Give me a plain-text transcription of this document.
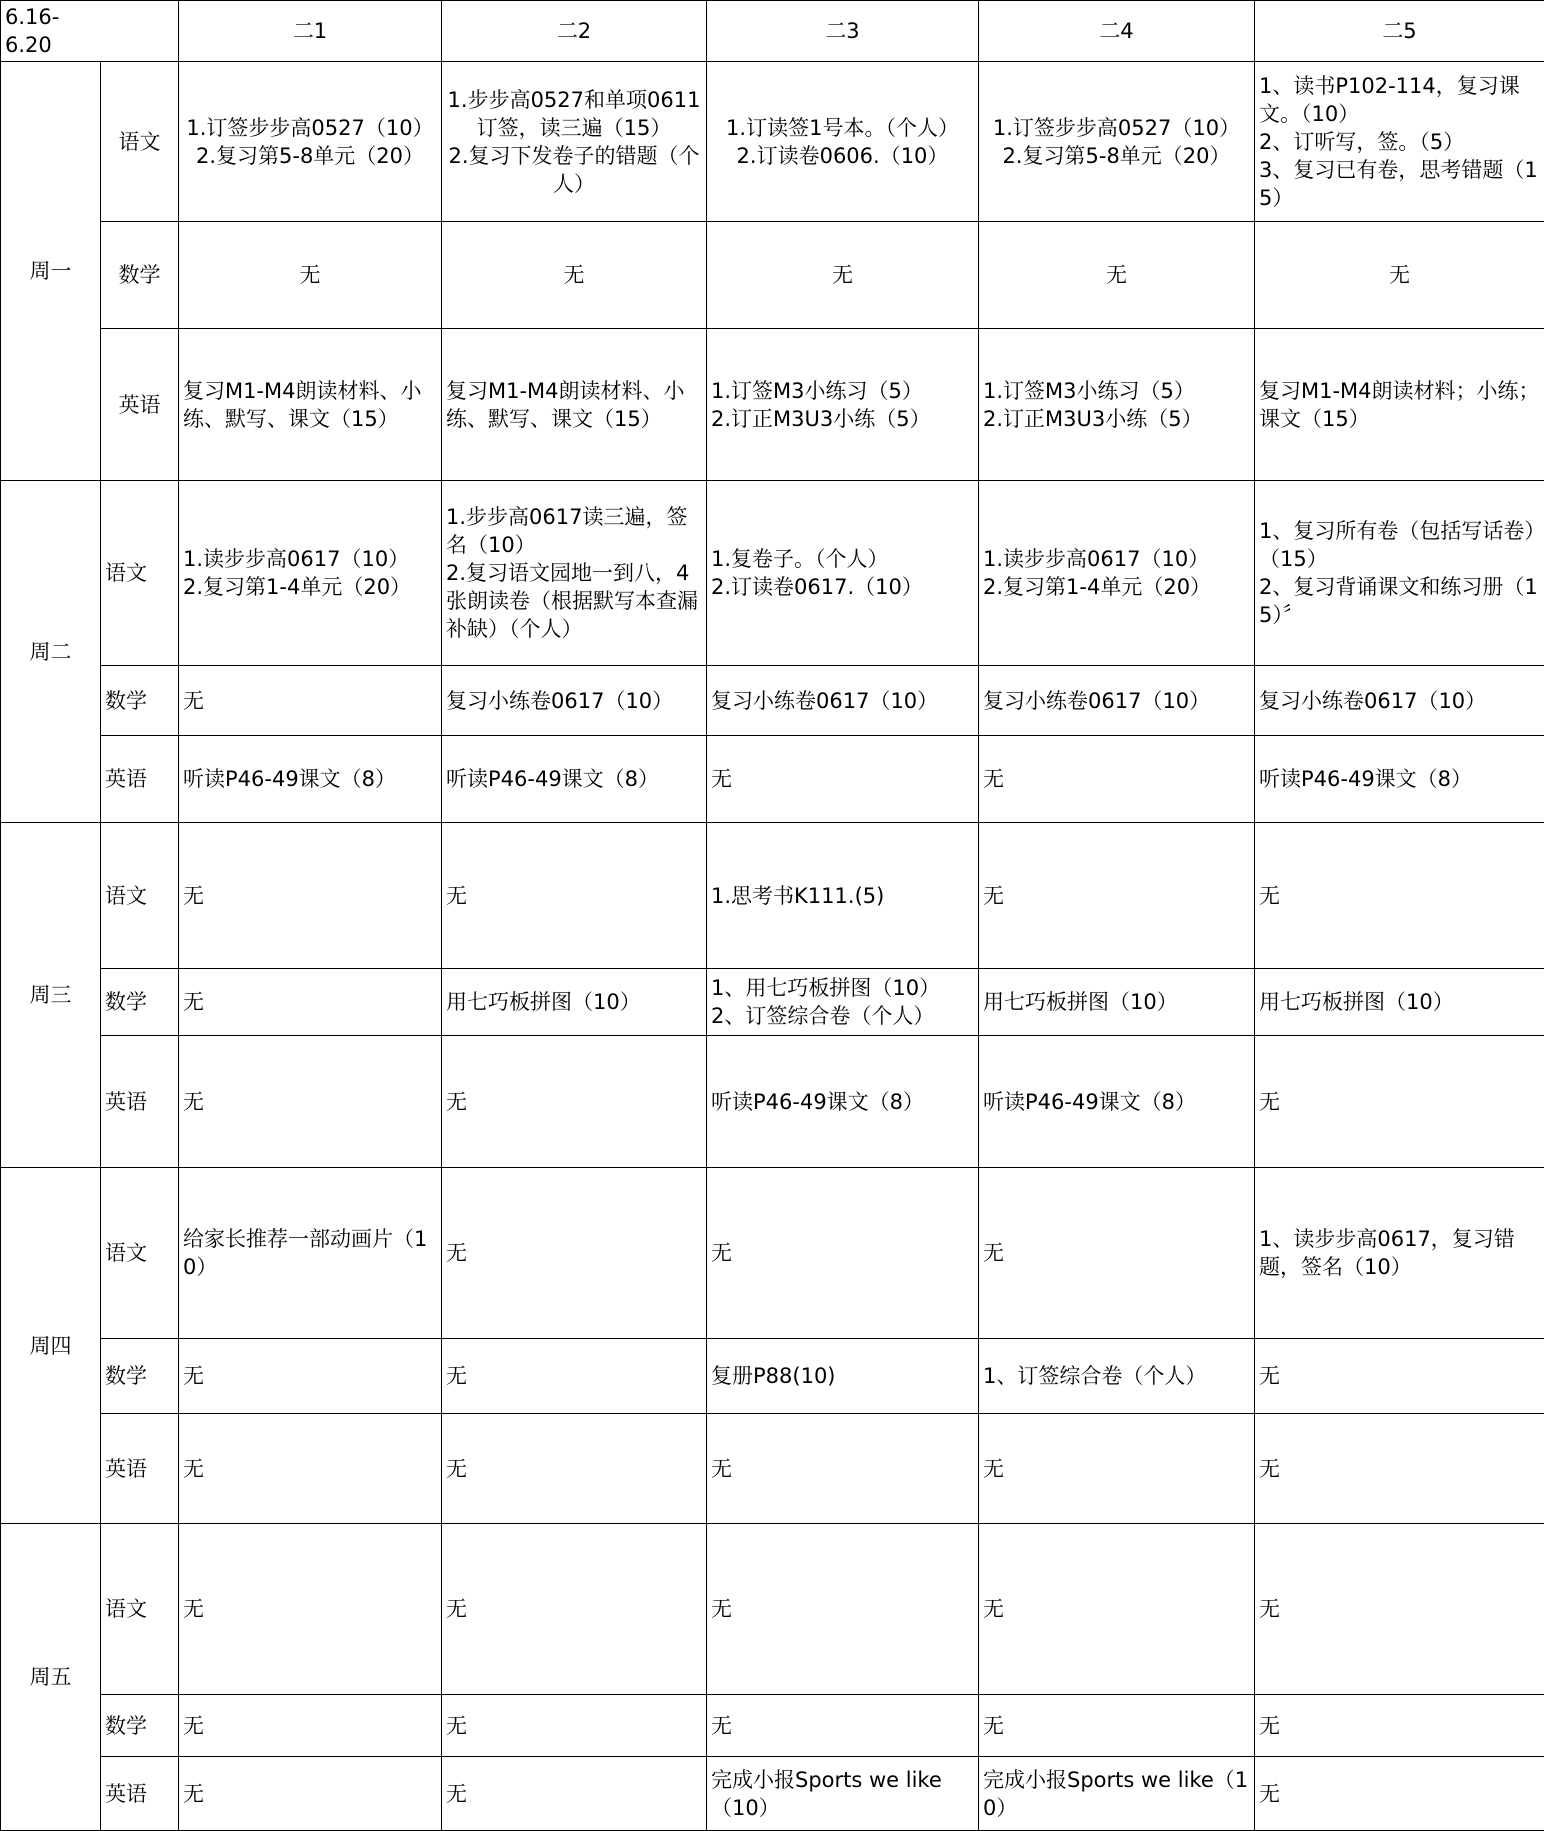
6.16-
6.20		二1	二2	二3	二4	二5
周一	语文	1.订签步步高0527（10）
2.复习第5-8单元（20）	1.步步高0527和单项0611订签，读三遍（15）
2.复习下发卷子的错题（个人）	1.订读签1号本。（个人）
2.订读卷0606.（10）	1.订签步步高0527（10）
2.复习第5-8单元（20）	1、读书P102-114，复习课文。（10）
2、订听写，签。（5）
3、复习已有卷，思考错题（15）
	数学	无	无	无	无	无
	英语	复习M1-M4朗读材料、小练、默写、课文（15）	复习M1-M4朗读材料、小练、默写、课文（15）	1.订签M3小练习（5）
2.订正M3U3小练（5）	1.订签M3小练习（5）
2.订正M3U3小练（5）	复习M1-M4朗读材料；小练；课文（15）
周二	语文	1.读步步高0617（10）
2.复习第1-4单元（20）	1.步步高0617读三遍，签名（10）
2.复习语文园地一到八，4张朗读卷（根据默写本查漏补缺）（个人）	1.复卷子。（个人）
2.订读卷0617.（10）	1.读步步高0617（10）
2.复习第1-4单元（20）	1、复习所有卷（包括写话卷）（15）
2、复习背诵课文和练习册（15）〞
	数学	无	复习小练卷0617（10）	复习小练卷0617（10）	复习小练卷0617（10）	复习小练卷0617（10）
	英语	听读P46-49课文（8）	听读P46-49课文（8）	无	无	听读P46-49课文（8）
周三	语文	无	无	1.思考书K111.(5)	无	无
	数学	无	用七巧板拼图（10）	1、用七巧板拼图（10）2、订签综合卷（个人）	用七巧板拼图（10）	用七巧板拼图（10）
	英语	无	无	听读P46-49课文（8）	听读P46-49课文（8）	无
周四	语文	给家长推荐一部动画片（10）	无	无	无	1、读步步高0617，复习错题，签名（10）
	数学	无	无	复册P88(10)	1、订签综合卷（个人）	无
	英语	无	无	无	无	无
周五	语文	无	无	无	无	无
	数学	无	无	无	无	无
	英语	无	无	完成小报Sports we like（10）	完成小报Sports we like（10）	无
